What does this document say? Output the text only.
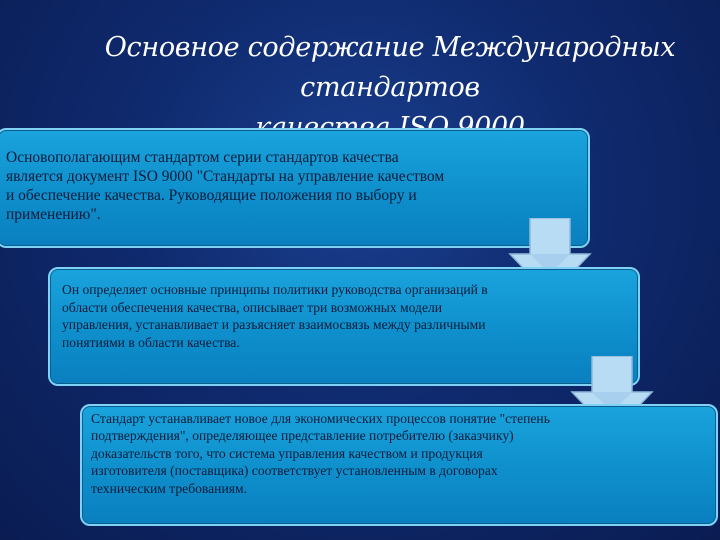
Основное содержание Международных стандартов

Основополагающим стандартом серии стандартов качества является документ ISO 9000 "Стандарты на управление качеством и обеспечение качества. Руководящие положения по выбору и применению".

Он определяет основные принципы политики руководства организаций в области обеспечения качества, описывает три возможных модели управления, устанавливает и разъясняет взаимосвязь между различными понятиями в области качества.

Стандарт устанавливает новое для экономических процессов понятие "степень подтверждения", определяющее представление потребителю (заказчику) доказательств того, что система управления качеством и продукция изготовителя (поставщика) соответствует установленным в договорах техническим требованиям.
